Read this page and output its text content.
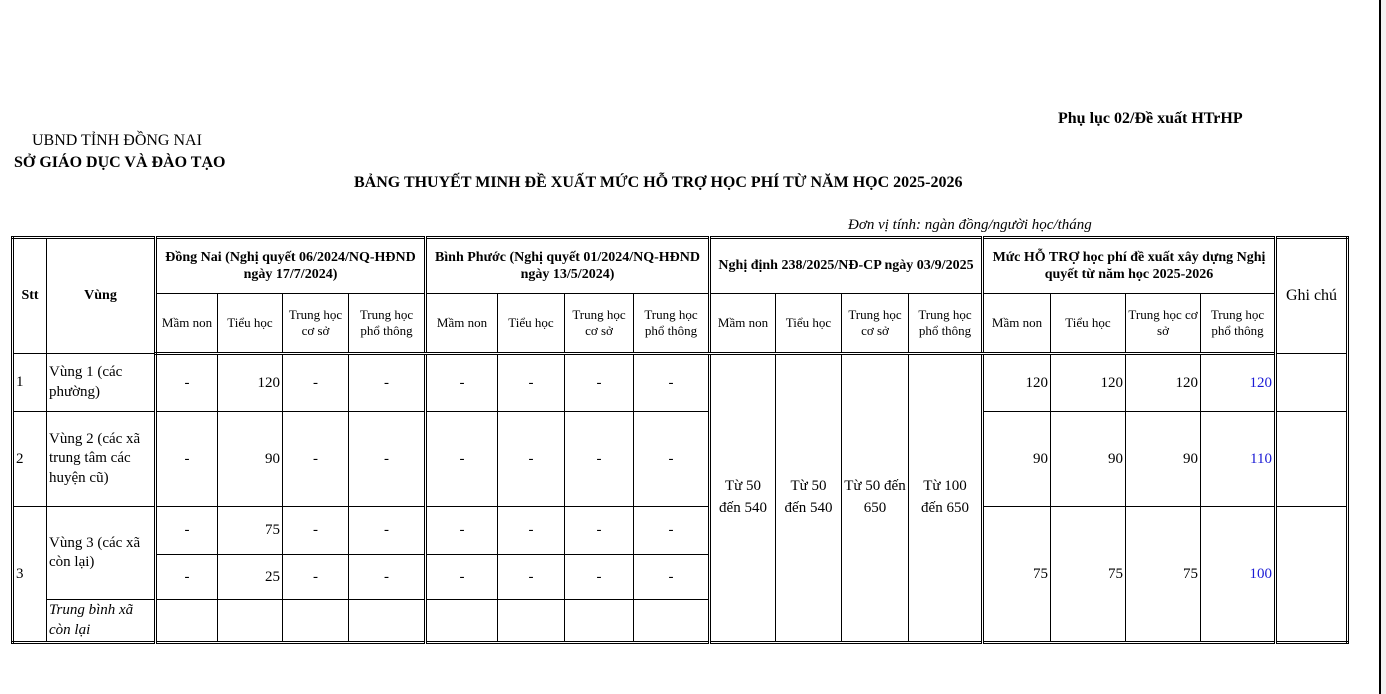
Phụ lục 02/Đề xuất HTrHP
UBND TỈNH ĐỒNG NAI
SỞ GIÁO DỤC VÀ ĐÀO TẠO
BẢNG THUYẾT MINH ĐỀ XUẤT MỨC HỖ TRỢ HỌC PHÍ TỪ NĂM HỌC 2025-2026
Đơn vị tính: ngàn đồng/người học/tháng
Stt	Vùng	Đồng Nai (Nghị quyết 06/2024/NQ-HĐND ngày 17/7/2024)				Bình Phước (Nghị quyết 01/2024/NQ-HĐND ngày 13/5/2024)				Nghị định 238/2025/NĐ-CP ngày 03/9/2025				Mức HỖ TRỢ học phí đề xuất xây dựng Nghị quyết từ năm học 2025-2026				Ghi chú
		Mầm non	Tiểu học	Trung học cơ sở	Trung học phổ thông	Mầm non	Tiểu học	Trung học cơ sở	Trung học phổ thông	Mầm non	Tiểu học	Trung học cơ sở	Trung học phổ thông	Mầm non	Tiểu học	Trung học cơ sở	Trung học phổ thông	
1	Vùng 1 (các phường)	-	120	-	-	-	-	-	-	Từ 50 đến 540	Từ 50 đến 540	Từ 50 đến 650	Từ 100 đến 650	120	120	120	120	
2	Vùng 2 (các xã trung tâm các huyện cũ)	-	90	-	-	-	-	-	-					90	90	90	110	
3	Vùng 3 (các xã còn lại)	-	75	-	-	-	-	-	-					75	75	75	100	

		-	25	-	-	-	-	-	-									
	Trung bình xã còn lại																	
